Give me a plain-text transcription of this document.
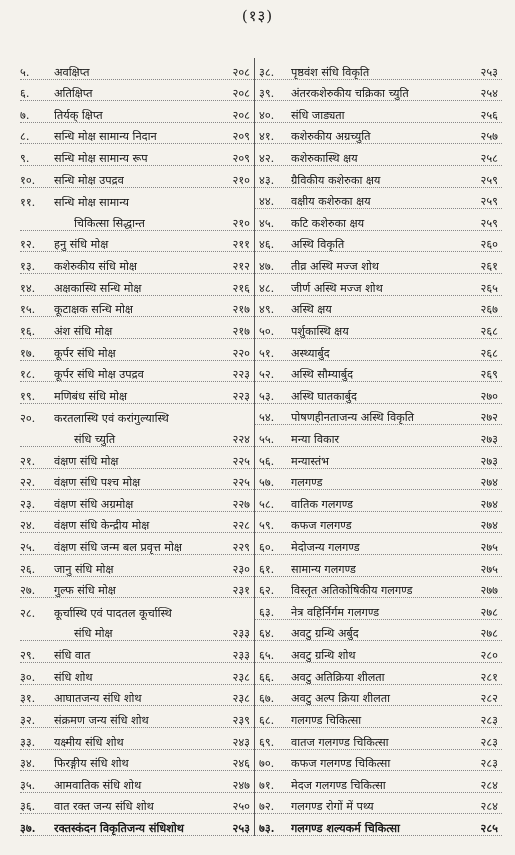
(१३)
५.	अवक्षिप्त	२०८
६.	अतिक्षिप्त	२०८
७.	तिर्यक् क्षिप्त	२०८
८.	सन्धि मोक्ष सामान्य निदान	२०९
९.	सन्धि मोक्ष सामान्य रूप	२०९
१०.	सन्धि मोक्ष उपद्रव	२१०
११.	सन्धि मोक्ष सामान्य
चिकित्सा सिद्धान्त	२१०
१२.	हनु संधि मोक्ष	२११
१३.	कशेरुकीय संधि मोक्ष	२१२
१४.	अक्षकास्थि सन्धि मोक्ष	२१६
१५.	कूटाक्षक सन्धि मोक्ष	२१७
१६.	अंश संधि मोक्ष	२१७
१७.	कूर्पर संधि मोक्ष	२२०
१८.	कूर्पर संधि मोक्ष उपद्रव	२२३
१९.	मणिबंध संधि मोक्ष	२२३
२०.	करतलास्थि एवं करांगुल्यास्थि
संधि च्युति	२२४
२१.	वंक्षण संधि मोक्ष	२२५
२२.	वंक्षण संधि पश्च मोक्ष	२२५
२३.	वंक्षण संधि अग्रमोक्ष	२२७
२४.	वंक्षण संधि केन्द्रीय मोक्ष	२२८
२५.	वंक्षण संधि जन्म बल प्रवृत्त मोक्ष	२२९
२६.	जानु संधि मोक्ष	२३०
२७.	गुल्फ संधि मोक्ष	२३१
२८.	कूर्चास्थि एवं पादतल कूर्चास्थि
संधि मोक्ष	२३३
२९.	संधि वात	२३३
३०.	संधि शोथ	२३८
३१.	आघातजन्य संधि शोथ	२३८
३२.	संक्रमण जन्य संधि शोथ	२३९
३३.	यक्ष्मीय संधि शोथ	२४३
३४.	फिरङ्गीय संधि शोथ	२४६
३५.	आमवातिक संधि शोथ	२४७
३६.	वात रक्त जन्य संधि शोथ	२५०
३७.	रक्तस्कंदन विकृतिजन्य संधिशोथ	२५३
३८.	पृष्ठवंश संधि विकृति	२५३
३९.	अंतरकशेरुकीय चक्रिका च्युति	२५४
४०.	संधि जाड्यता	२५६
४१.	कशेरुकीय अग्रच्युति	२५७
४२.	कशेरुकास्थि क्षय	२५८
४३.	ग्रैविकीय कशेरुका क्षय	२५९
४४.	वक्षीय कशेरुका क्षय	२५९
४५.	कटि कशेरुका क्षय	२५९
४६.	अस्थि विकृति	२६०
४७.	तीव्र अस्थि मज्ज शोथ	२६१
४८.	जीर्ण अस्थि मज्ज शोथ	२६५
४९.	अस्थि क्षय	२६७
५०.	पर्शुकास्थि क्षय	२६८
५१.	अस्थ्यार्बुद	२६८
५२.	अस्थि सौम्यार्बुद	२६९
५३.	अस्थि घातकार्बुद	२७०
५४.	पोषणहीनताजन्य अस्थि विकृति	२७२
५५.	मन्या विकार	२७३
५६.	मन्यास्तंभ	२७३
५७.	गलगण्ड	२७४
५८.	वातिक गलगण्ड	२७४
५९.	कफज गलगण्ड	२७४
६०.	मेदोजन्य गलगण्ड	२७५
६१.	सामान्य गलगण्ड	२७५
६२.	विस्तृत अतिकोषिकीय गलगण्ड	२७७
६३.	नेत्र वहिर्निर्गम गलगण्ड	२७८
६४.	अवटु ग्रन्थि अर्बुद	२७८
६५.	अवटु ग्रन्थि शोथ	२८०
६६.	अवटु अतिक्रिया शीलता	२८१
६७.	अवटु अल्प क्रिया शीलता	२८२
६८.	गलगण्ड चिकित्सा	२८३
६९.	वातज गलगण्ड चिकित्सा	२८३
७०.	कफज गलगण्ड चिकित्सा	२८३
७१.	मेदज गलगण्ड चिकित्सा	२८४
७२.	गलगण्ड रोगों में पथ्य	२८४
७३.	गलगण्ड शल्यकर्म चिकित्सा	२८५
